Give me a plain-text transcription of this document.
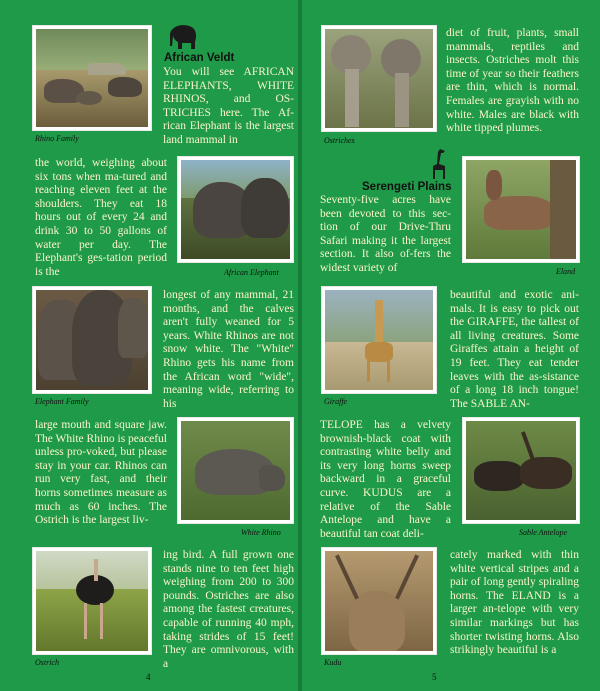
Rhino Family
African Veldt
You will see AFRICAN ELEPHANTS, WHITE RHINOS, and OS-TRICHES here. The Af-rican Elephant is the largest land mammal in
the world, weighing about six tons when ma-tured and reaching eleven feet at the shoulders. They eat 18 hours out of every 24 and drink 30 to 50 gallons of water per day. The Elephant's ges-tation period is the	African Elephant
Elephant Family
longest of any mammal, 21 months, and the calves aren't fully weaned for 5 years. White Rhinos are not snow white. The "White" Rhino gets his name from the African word "wide", meaning wide, referring to his
large mouth and square jaw. The White Rhino is peaceful unless pro-voked, but please stay in your car. Rhinos can run very fast, and their horns sometimes measure as much as 60 inches. The Ostrich is the largest liv-
White Rhino
Ostrich
ing bird. A full grown one stands nine to ten feet high weighing from 200 to 300 pounds. Ostriches are also among the fastest creatures, capable of running 40 mph, taking strides of 15 feet! They are omnivorous, with a
4
Ostriches
diet of fruit, plants, small mammals, reptiles and insects. Ostriches molt this time of year so their feathers are thin, which is normal. Females are grayish with no white. Males are black with white tipped plumes.
Serengeti Plains
Seventy-five acres have been devoted to this sec-tion of our Drive-Thru Safari making it the largest section. It also of-fers the widest variety of	Eland
Giraffe
beautiful and exotic ani-mals. It is easy to pick out the GIRAFFE, the tallest of all living creatures. Some Giraffes attain a height of 19 feet. They eat tender leaves with the as-sistance of a long 18 inch tongue! The SABLE AN-
TELOPE has a velvety brownish-black coat with contrasting white belly and its very long horns sweep backward in a graceful curve. KUDUS are a relative of the Sable Antelope and have a beautiful tan coat deli-	Sable Antelope
Kudu
cately marked with thin white vertical stripes and a pair of long gently spiraling horns. The ELAND is a larger an-telope with very similar markings but has shorter twisting horns. Also strikingly beautiful is a
5
